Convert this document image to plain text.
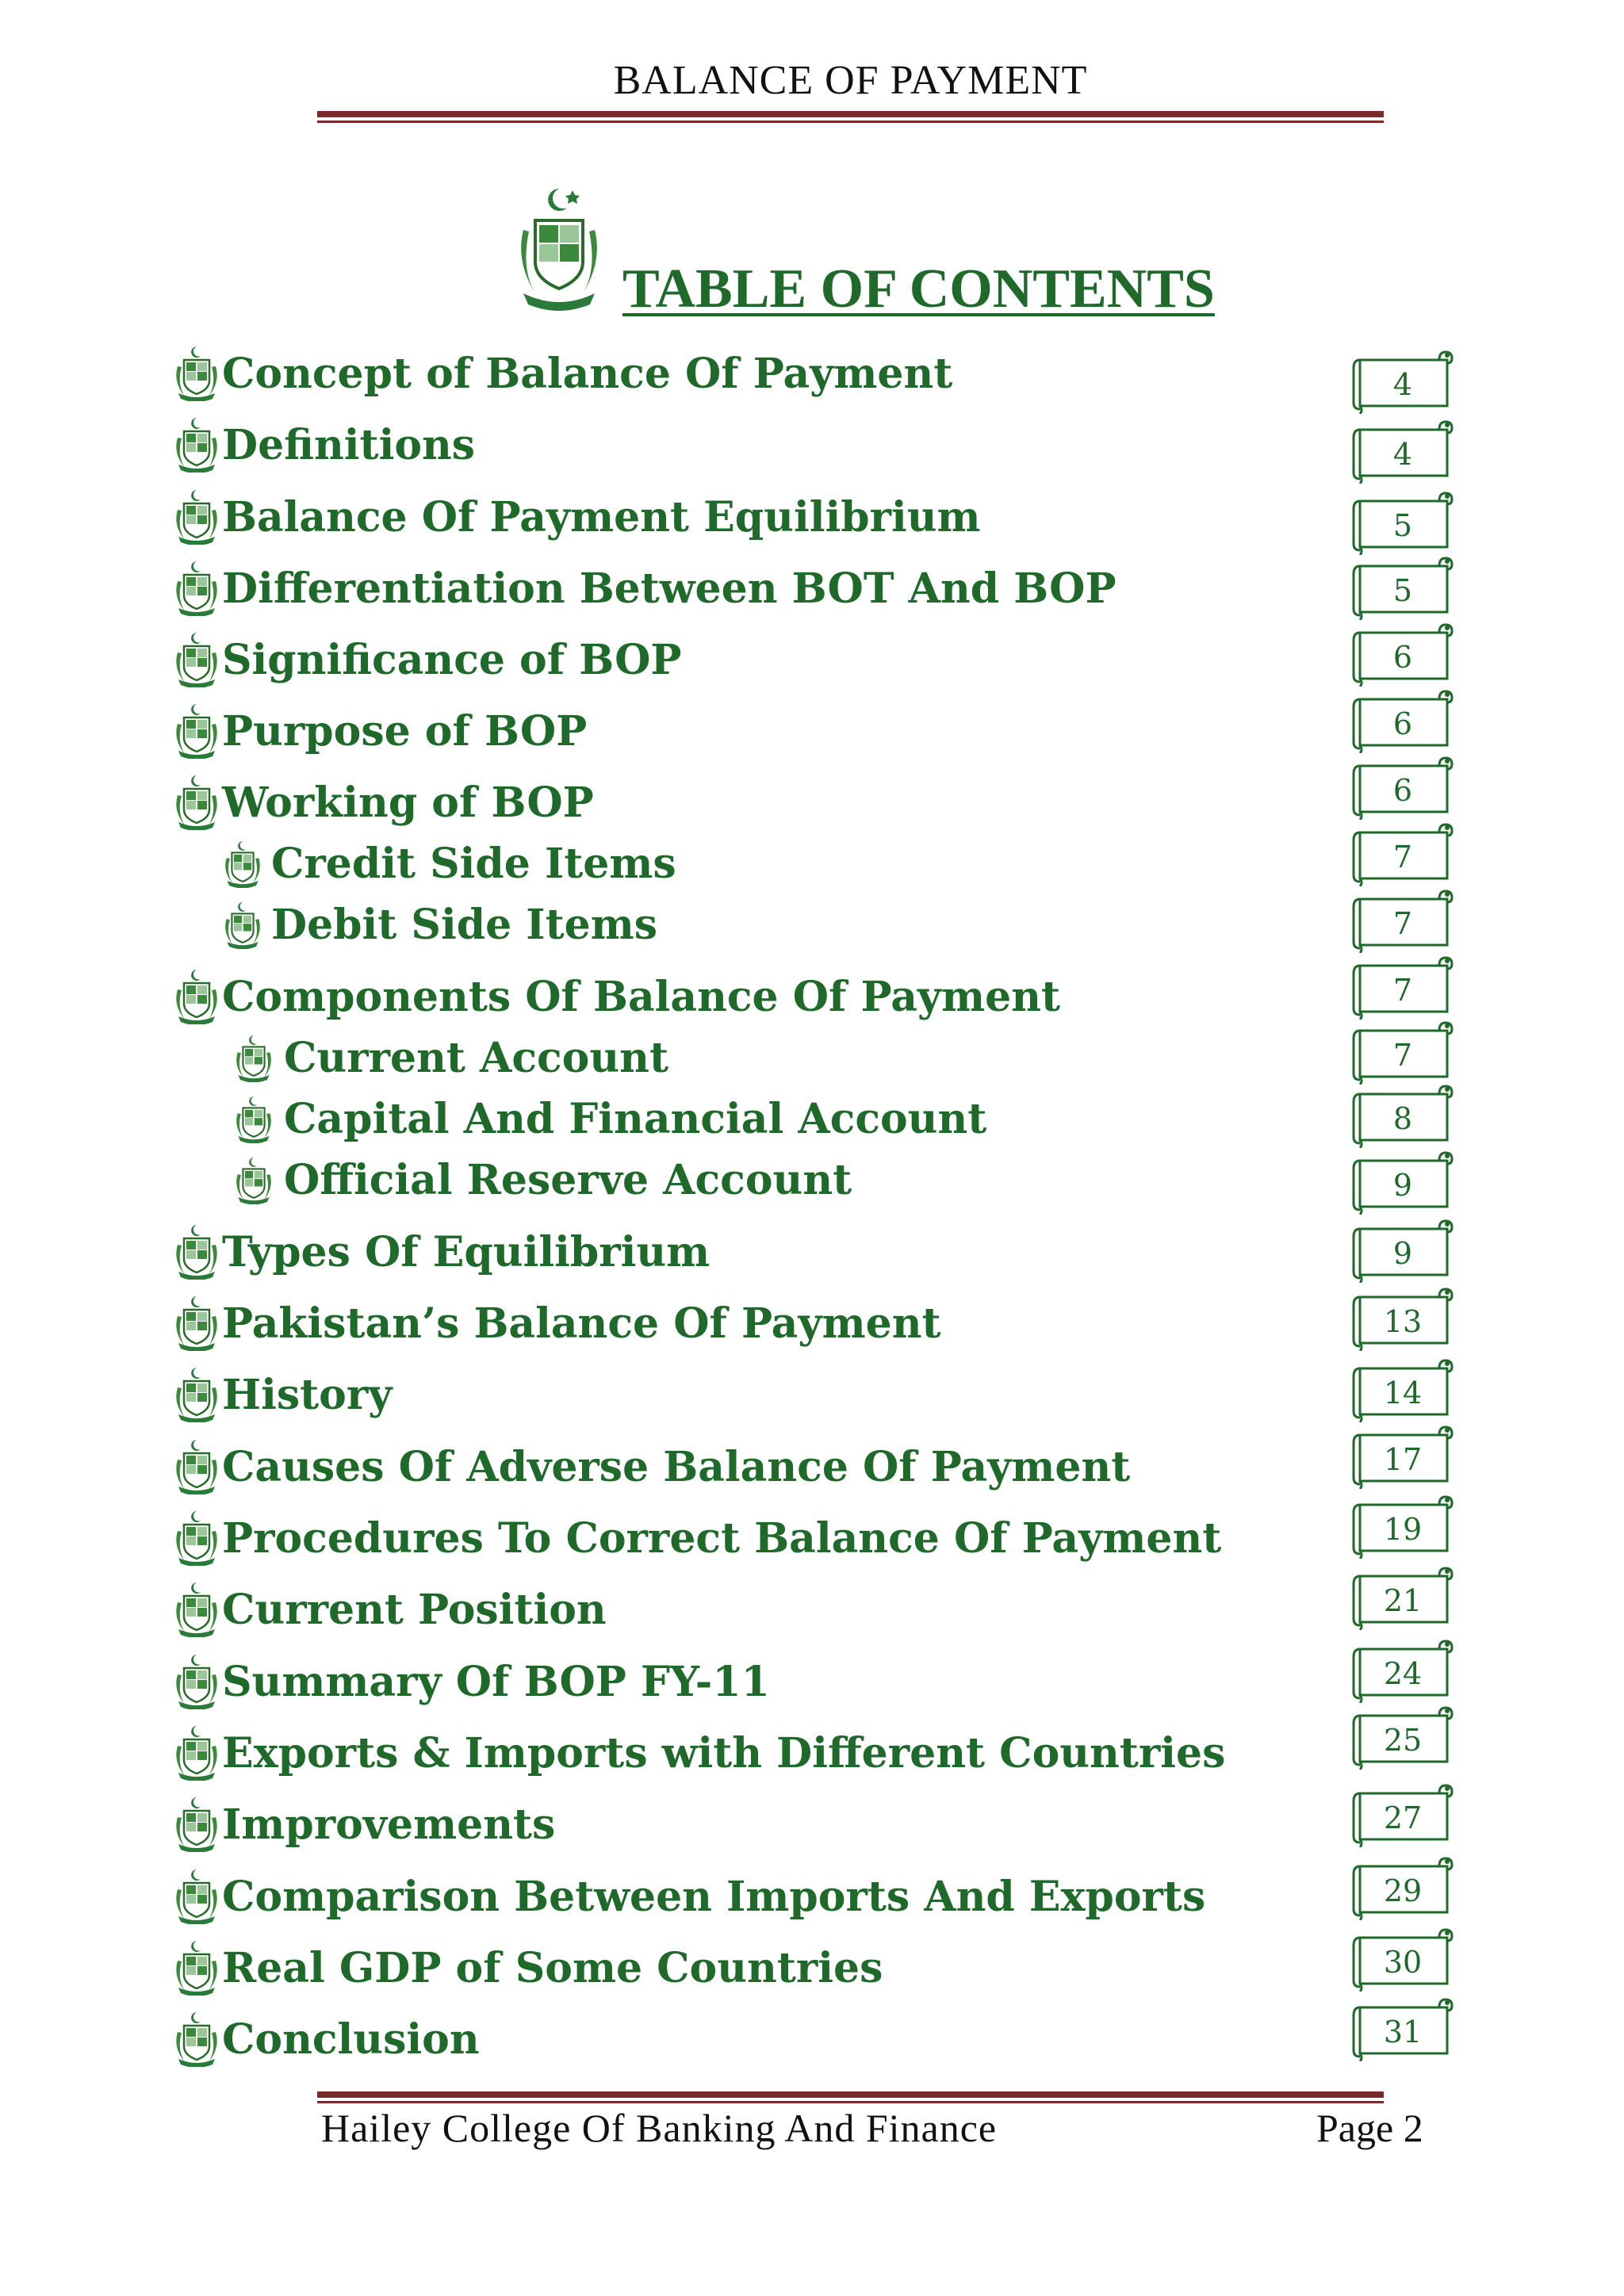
BALANCE OF PAYMENT
TABLE OF CONTENTS
Concept of Balance Of Payment	4
Definitions	4
Balance Of Payment Equilibrium	5
Differentiation Between BOT And BOP	5
Significance of BOP	6
Purpose of BOP	6
Working of BOP	6
Credit Side Items	7
Debit Side Items	7
Components Of Balance Of Payment	7
Current Account	7
Capital And Financial Account	8
Official Reserve Account	9
Types Of Equilibrium	9
Pakistan’s Balance Of Payment	13
History	14
Causes Of Adverse Balance Of Payment	17
Procedures To Correct Balance Of Payment	19
Current Position	21
Summary Of BOP FY-11	24
Exports & Imports with Different Countries	25
Improvements	27
Comparison Between Imports And Exports	29
Real GDP of Some Countries	30
Conclusion	31
Hailey College Of Banking And Finance	Page 2
